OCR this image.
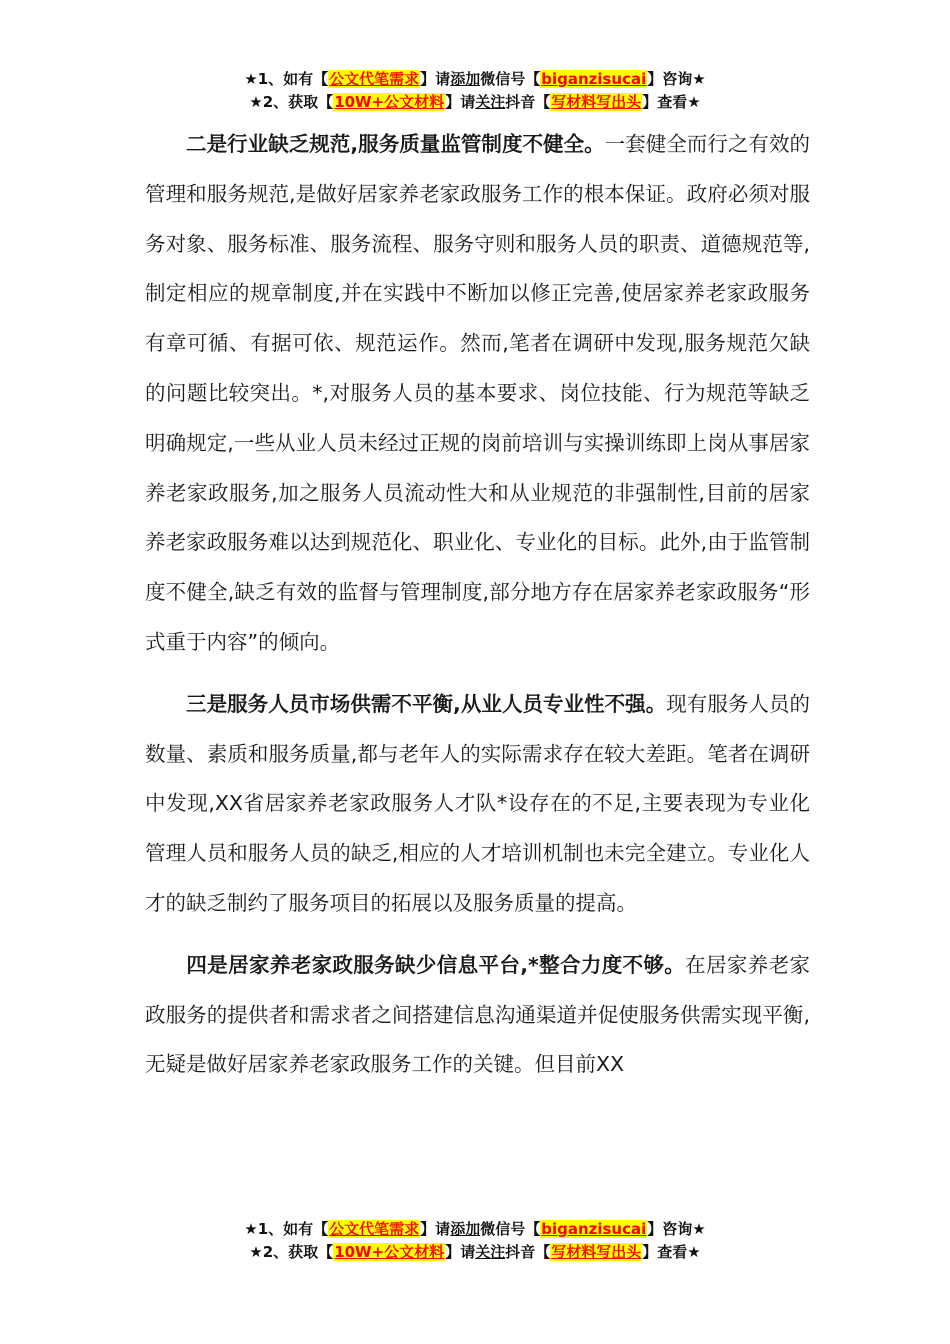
★1、如有【公文代笔需求】请添加微信号【biganzisucai】咨询★
★2、获取【10W+公文材料】请关注抖音【写材料写出头】查看★

二是行业缺乏规范,服务质量监管制度不健全。一套健全而行之有效的管理和服务规范,是做好居家养老家政服务工作的根本保证。政府必须对服务对象、服务标准、服务流程、服务守则和服务人员的职责、道德规范等,制定相应的规章制度,并在实践中不断加以修正完善,使居家养老家政服务有章可循、有据可依、规范运作。然而,笔者在调研中发现,服务规范欠缺的问题比较突出。*,对服务人员的基本要求、岗位技能、行为规范等缺乏明确规定,一些从业人员未经过正规的岗前培训与实操训练即上岗从事居家养老家政服务,加之服务人员流动性大和从业规范的非强制性,目前的居家养老家政服务难以达到规范化、职业化、专业化的目标。此外,由于监管制度不健全,缺乏有效的监督与管理制度,部分地方存在居家养老家政服务“形式重于内容”的倾向。

三是服务人员市场供需不平衡,从业人员专业性不强。现有服务人员的数量、素质和服务质量,都与老年人的实际需求存在较大差距。笔者在调研中发现,XX省居家养老家政服务人才队*设存在的不足,主要表现为专业化管理人员和服务人员的缺乏,相应的人才培训机制也未完全建立。专业化人才的缺乏制约了服务项目的拓展以及服务质量的提高。

四是居家养老家政服务缺少信息平台,*整合力度不够。在居家养老家政服务的提供者和需求者之间搭建信息沟通渠道并促使服务供需实现平衡,无疑是做好居家养老家政服务工作的关键。但目前XX

★1、如有【公文代笔需求】请添加微信号【biganzisucai】咨询★
★2、获取【10W+公文材料】请关注抖音【写材料写出头】查看★
